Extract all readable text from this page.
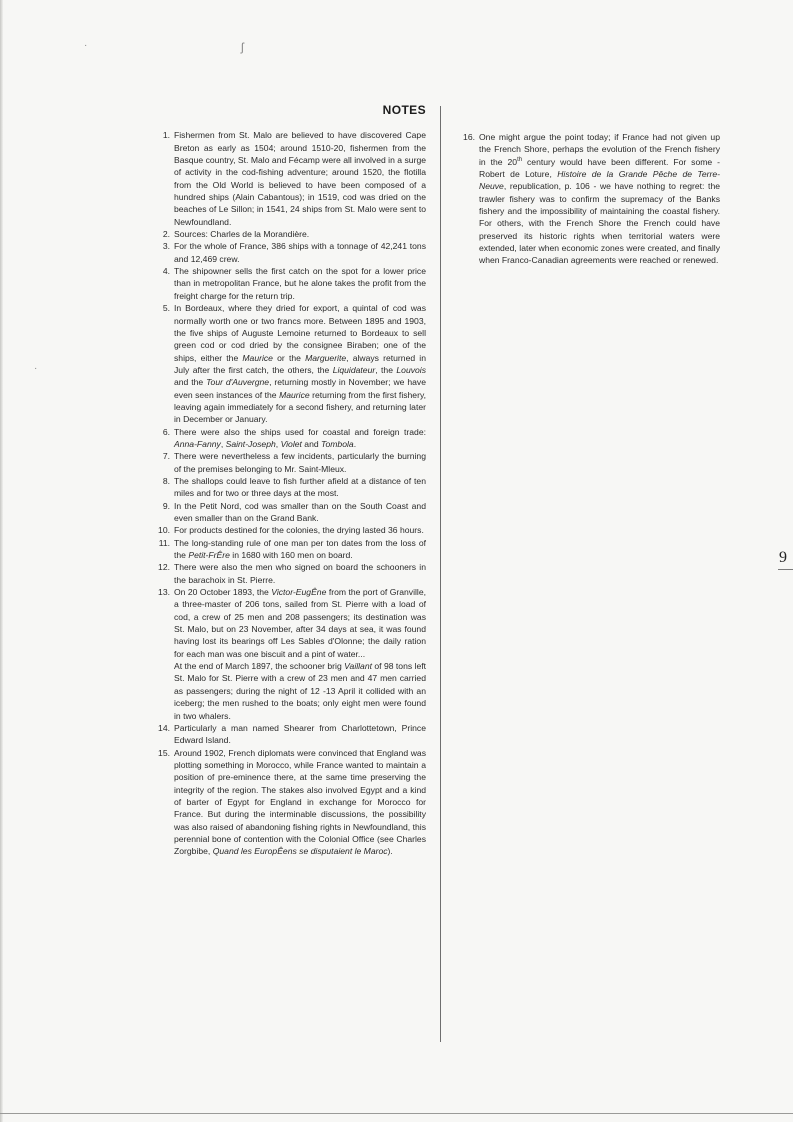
·	ʃ
·
NOTES
1. Fishermen from St. Malo are believed to have discovered Cape Breton as early as 1504; around 1510-20, fishermen from the Basque country, St. Malo and Fécamp were all involved in a surge of activity in the cod-fishing adventure; around 1520, the flotilla from the Old World is believed to have been composed of a hundred ships (Alain Cabantous); in 1519, cod was dried on the beaches of Le Sillon; in 1541, 24 ships from St. Malo were sent to Newfoundland.
2. Sources: Charles de la Morandière.
3. For the whole of France, 386 ships with a tonnage of 42,241 tons and 12,469 crew.
4. The shipowner sells the first catch on the spot for a lower price than in metropolitan France, but he alone takes the profit from the freight charge for the return trip.
5. In Bordeaux, where they dried for export, a quintal of cod was normally worth one or two francs more. Between 1895 and 1903, the five ships of Auguste Lemoine returned to Bordeaux to sell green cod or cod dried by the consignee Biraben; one of the ships, either the Maurice or the Marguerite, always returned in July after the first catch, the others, the Liquidateur, the Louvois and the Tour d'Auvergne, returning mostly in November; we have even seen instances of the Maurice returning from the first fishery, leaving again immediately for a second fishery, and returning later in December or January.
6. There were also the ships used for coastal and foreign trade: Anna-Fanny, Saint-Joseph, Violet and Tombola.
7. There were nevertheless a few incidents, particularly the burning of the premises belonging to Mr. Saint-Mleux.
8. The shallops could leave to fish further afield at a distance of ten miles and for two or three days at the most.
9. In the Petit Nord, cod was smaller than on the South Coast and even smaller than on the Grand Bank.
10. For products destined for the colonies, the drying lasted 36 hours.
11. The long-standing rule of one man per ton dates from the loss of the Petit-FrÊre in 1680 with 160 men on board.
12. There were also the men who signed on board the schooners in the barachoix in St. Pierre.
13. On 20 October 1893, the Victor-EugÊne from the port of Granville, a three-master of 206 tons, sailed from St. Pierre with a load of cod, a crew of 25 men and 208 passengers; its destination was St. Malo, but on 23 November, after 34 days at sea, it was found having lost its bearings off Les Sables d'Olonne; the daily ration for each man was one biscuit and a pint of water...
At the end of March 1897, the schooner brig Vaillant of 98 tons left St. Malo for St. Pierre with a crew of 23 men and 47 men carried as passengers; during the night of 12 -13 April it collided with an iceberg; the men rushed to the boats; only eight men were found in two whalers.
14. Particularly a man named Shearer from Charlottetown, Prince Edward Island.
15. Around 1902, French diplomats were convinced that England was plotting something in Morocco, while France wanted to maintain a position of pre-eminence there, at the same time preserving the integrity of the region. The stakes also involved Egypt and a kind of barter of Egypt for England in exchange for Morocco for France. But during the interminable discussions, the possibility was also raised of abandoning fishing rights in Newfoundland, this perennial bone of contention with the Colonial Office (see Charles Zorgbibe, Quand les EuropÊens se disputaient le Maroc).
16. One might argue the point today; if France had not given up the French Shore, perhaps the evolution of the French fishery in the 20th century would have been different. For some - Robert de Loture, Histoire de la Grande Pêche de Terre-Neuve, republication, p. 106 - we have nothing to regret: the trawler fishery was to confirm the supremacy of the Banks fishery and the impossibility of maintaining the coastal fishery. For others, with the French Shore the French could have preserved its historic rights when territorial waters were extended, later when economic zones were created, and finally when Franco-Canadian agreements were reached or renewed.
9
